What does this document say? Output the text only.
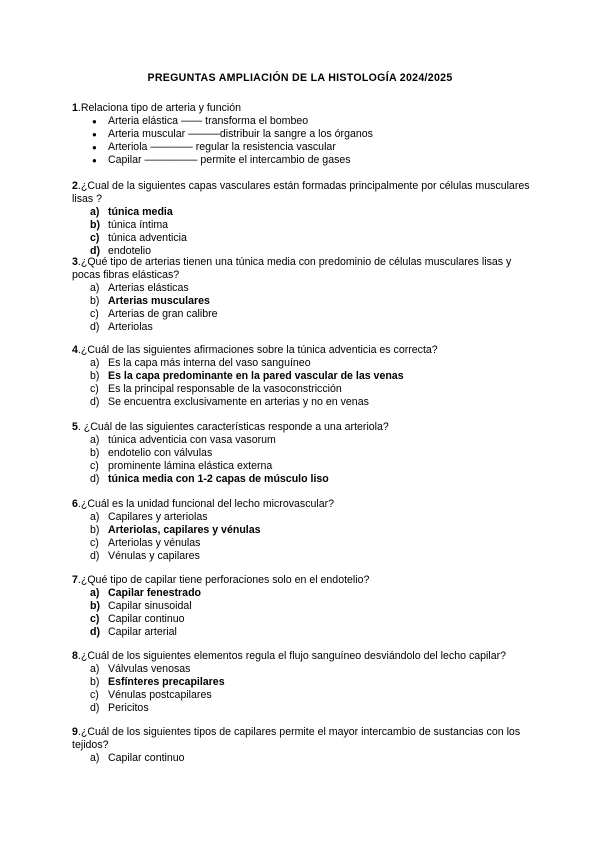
PREGUNTAS AMPLIACIÓN DE LA HISTOLOGÍA 2024/2025

1.Relaciona tipo de arteria y función

● Arteria elástica —— transforma el bombeo
● Arteria muscular ———distribuir la sangre a los órganos
● Arteriola ———— regular la resistencia vascular
● Capilar ————— permite el intercambio de gases

2.¿Cual de la siguientes capas vasculares están formadas principalmente por células musculares lisas ?

a) túnica media
b) túnica íntima
c) túnica adventicia
d) endotelio

3.¿Qué tipo de arterias tienen una túnica media con predominio de células musculares lisas y pocas fibras elásticas?

a) Arterias elásticas
b) Arterias musculares
c) Arterias de gran calibre
d) Arteriolas

4.¿Cuál de las siguientes afirmaciones sobre la túnica adventicia es correcta?

a) Es la capa más interna del vaso sanguíneo
b) Es la capa predominante en la pared vascular de las venas
c) Es la principal responsable de la vasoconstricción
d) Se encuentra exclusivamente en arterias y no en venas

5. ¿Cuál de las siguientes características responde a una arteriola?

a) túnica adventicia con vasa vasorum
b) endotelio con válvulas
c) prominente lámina elástica externa
d) túnica media con 1-2 capas de músculo liso

6.¿Cuál es la unidad funcional del lecho microvascular?

a) Capilares y arteriolas
b) Arteriolas, capilares y vénulas
c) Arteriolas y vénulas
d) Vénulas y capilares

7.¿Qué tipo de capilar tiene perforaciones solo en el endotelio?

a) Capilar fenestrado
b) Capilar sinusoidal
c) Capilar continuo
d) Capilar arterial

8.¿Cuál de los siguientes elementos regula el flujo sanguíneo desviándolo del lecho capilar?

a) Válvulas venosas
b) Esfínteres precapilares
c) Vénulas postcapilares
d) Pericitos

9.¿Cuál de los siguientes tipos de capilares permite el mayor intercambio de sustancias con los tejidos?

a) Capilar continuo
